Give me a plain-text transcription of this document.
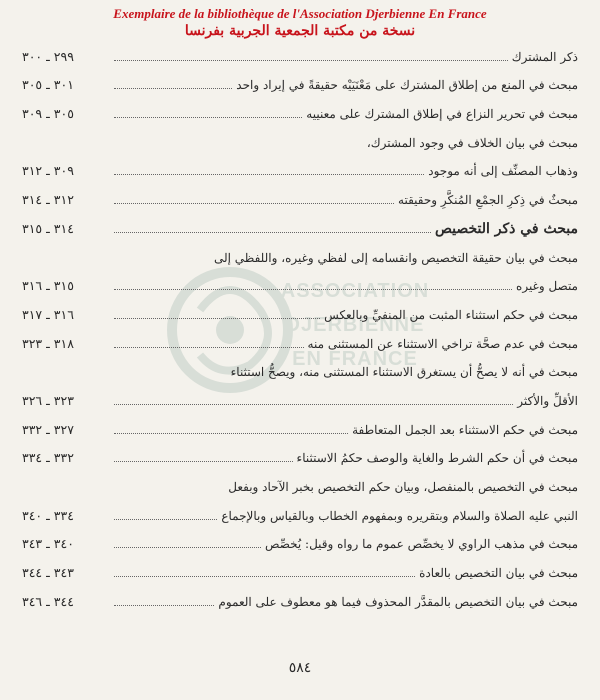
Exemplaire de la bibliothèque de l'Association Djerbienne En France
نسخة من مكتبة الجمعية الجربية بفرنسا
ASSOCIATION
DJERBIENNE
EN FRANCE
ذكر المشترك
٢٩٩ ـ ٣٠٠
مبحث في المنع من إطلاق المشترك على مَعْنَيَيْه حقيقةً في إيراد واحد
٣٠١ ـ ٣٠٥
مبحث في تحرير النزاع في إطلاق المشترك على معنييه
٣٠٥ ـ ٣٠٩
مبحث في بيان الخلاف في وجود المشترك،
وذهاب المصنِّف إلى أنه موجود
٣٠٩ ـ ٣١٢
مبحثٌ في ذِكرِ الجمْعِ المُنكَّرِ وحقيقته
٣١٢ ـ ٣١٤
مبحث في ذكر التخصيص
٣١٤ ـ ٣١٥
مبحث في بيان حقيقة التخصيص وانقسامه إلى لفظي وغيره، واللفظي إلى
متصل وغيره
٣١٥ ـ ٣١٦
مبحث في حكم استثناء المثبت من المنفيِّ وبالعكس
٣١٦ ـ ٣١٧
مبحث في عدم صحَّة تراخي الاستثناء عن المستثنى منه
٣١٨ ـ ٣٢٣
مبحث في أنه لا يصحُّ أن يستغرق الاستثناء المستثنى منه، ويصحُّ استثناء
الأقلِّ والأكثر
٣٢٣ ـ ٣٢٦
مبحث في حكم الاستثناء بعد الجمل المتعاطفة
٣٢٧ ـ ٣٣٢
مبحث في أن حكم الشرط والغاية والوصف حكمُ الاستثناء
٣٣٢ ـ ٣٣٤
مبحث في التخصيص بالمنفصل، وبيان حكم التخصيص بخبر الآحاد وبفعل
النبي عليه الصلاة والسلام وبتقريره وبمفهوم الخطاب وبالقياس وبالإجماع
٣٣٤ ـ ٣٤٠
مبحث في مذهب الراوي لا يخصِّص عموم ما رواه وقيل: يُخصِّص
٣٤٠ ـ ٣٤٣
مبحث في بيان التخصيص بالعادة
٣٤٣ ـ ٣٤٤
مبحث في بيان التخصيص بالمقدَّر المحذوف فيما هو معطوف على العموم
٣٤٤ ـ ٣٤٦
٥٨٤
